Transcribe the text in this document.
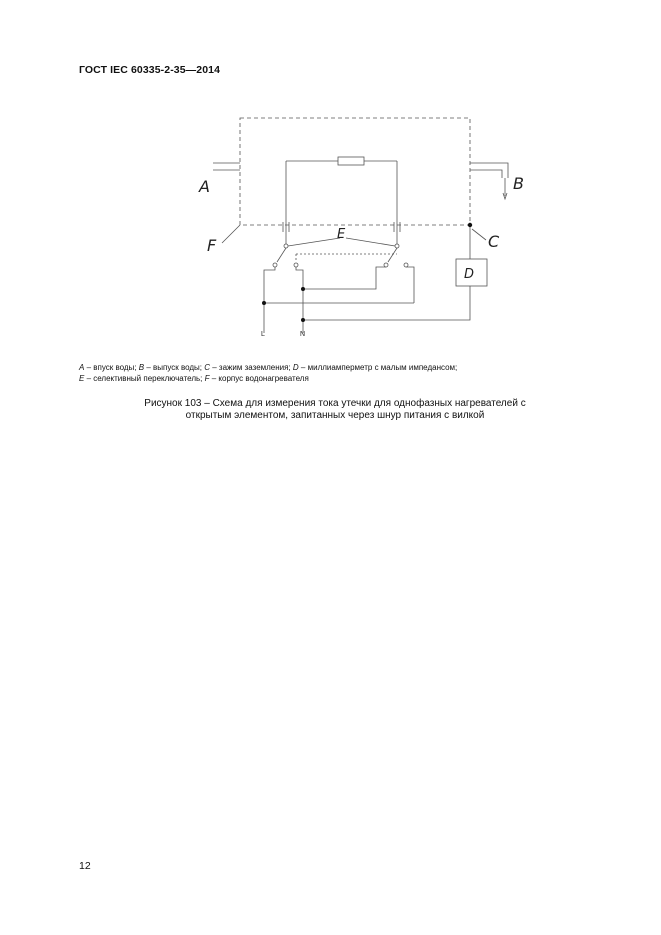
ГОСТ IEC 60335-2-35—2014
A	B
C
D
E
F
L	N
A – впуск воды; B – выпуск воды; C – зажим заземления; D – миллиамперметр с малым импедансом;
E – селективный переключатель; F – корпус водонагревателя
Рисунок 103 – Схема для измерения тока утечки для однофазных нагревателей с
открытым элементом, запитанных через шнур питания с вилкой
12
